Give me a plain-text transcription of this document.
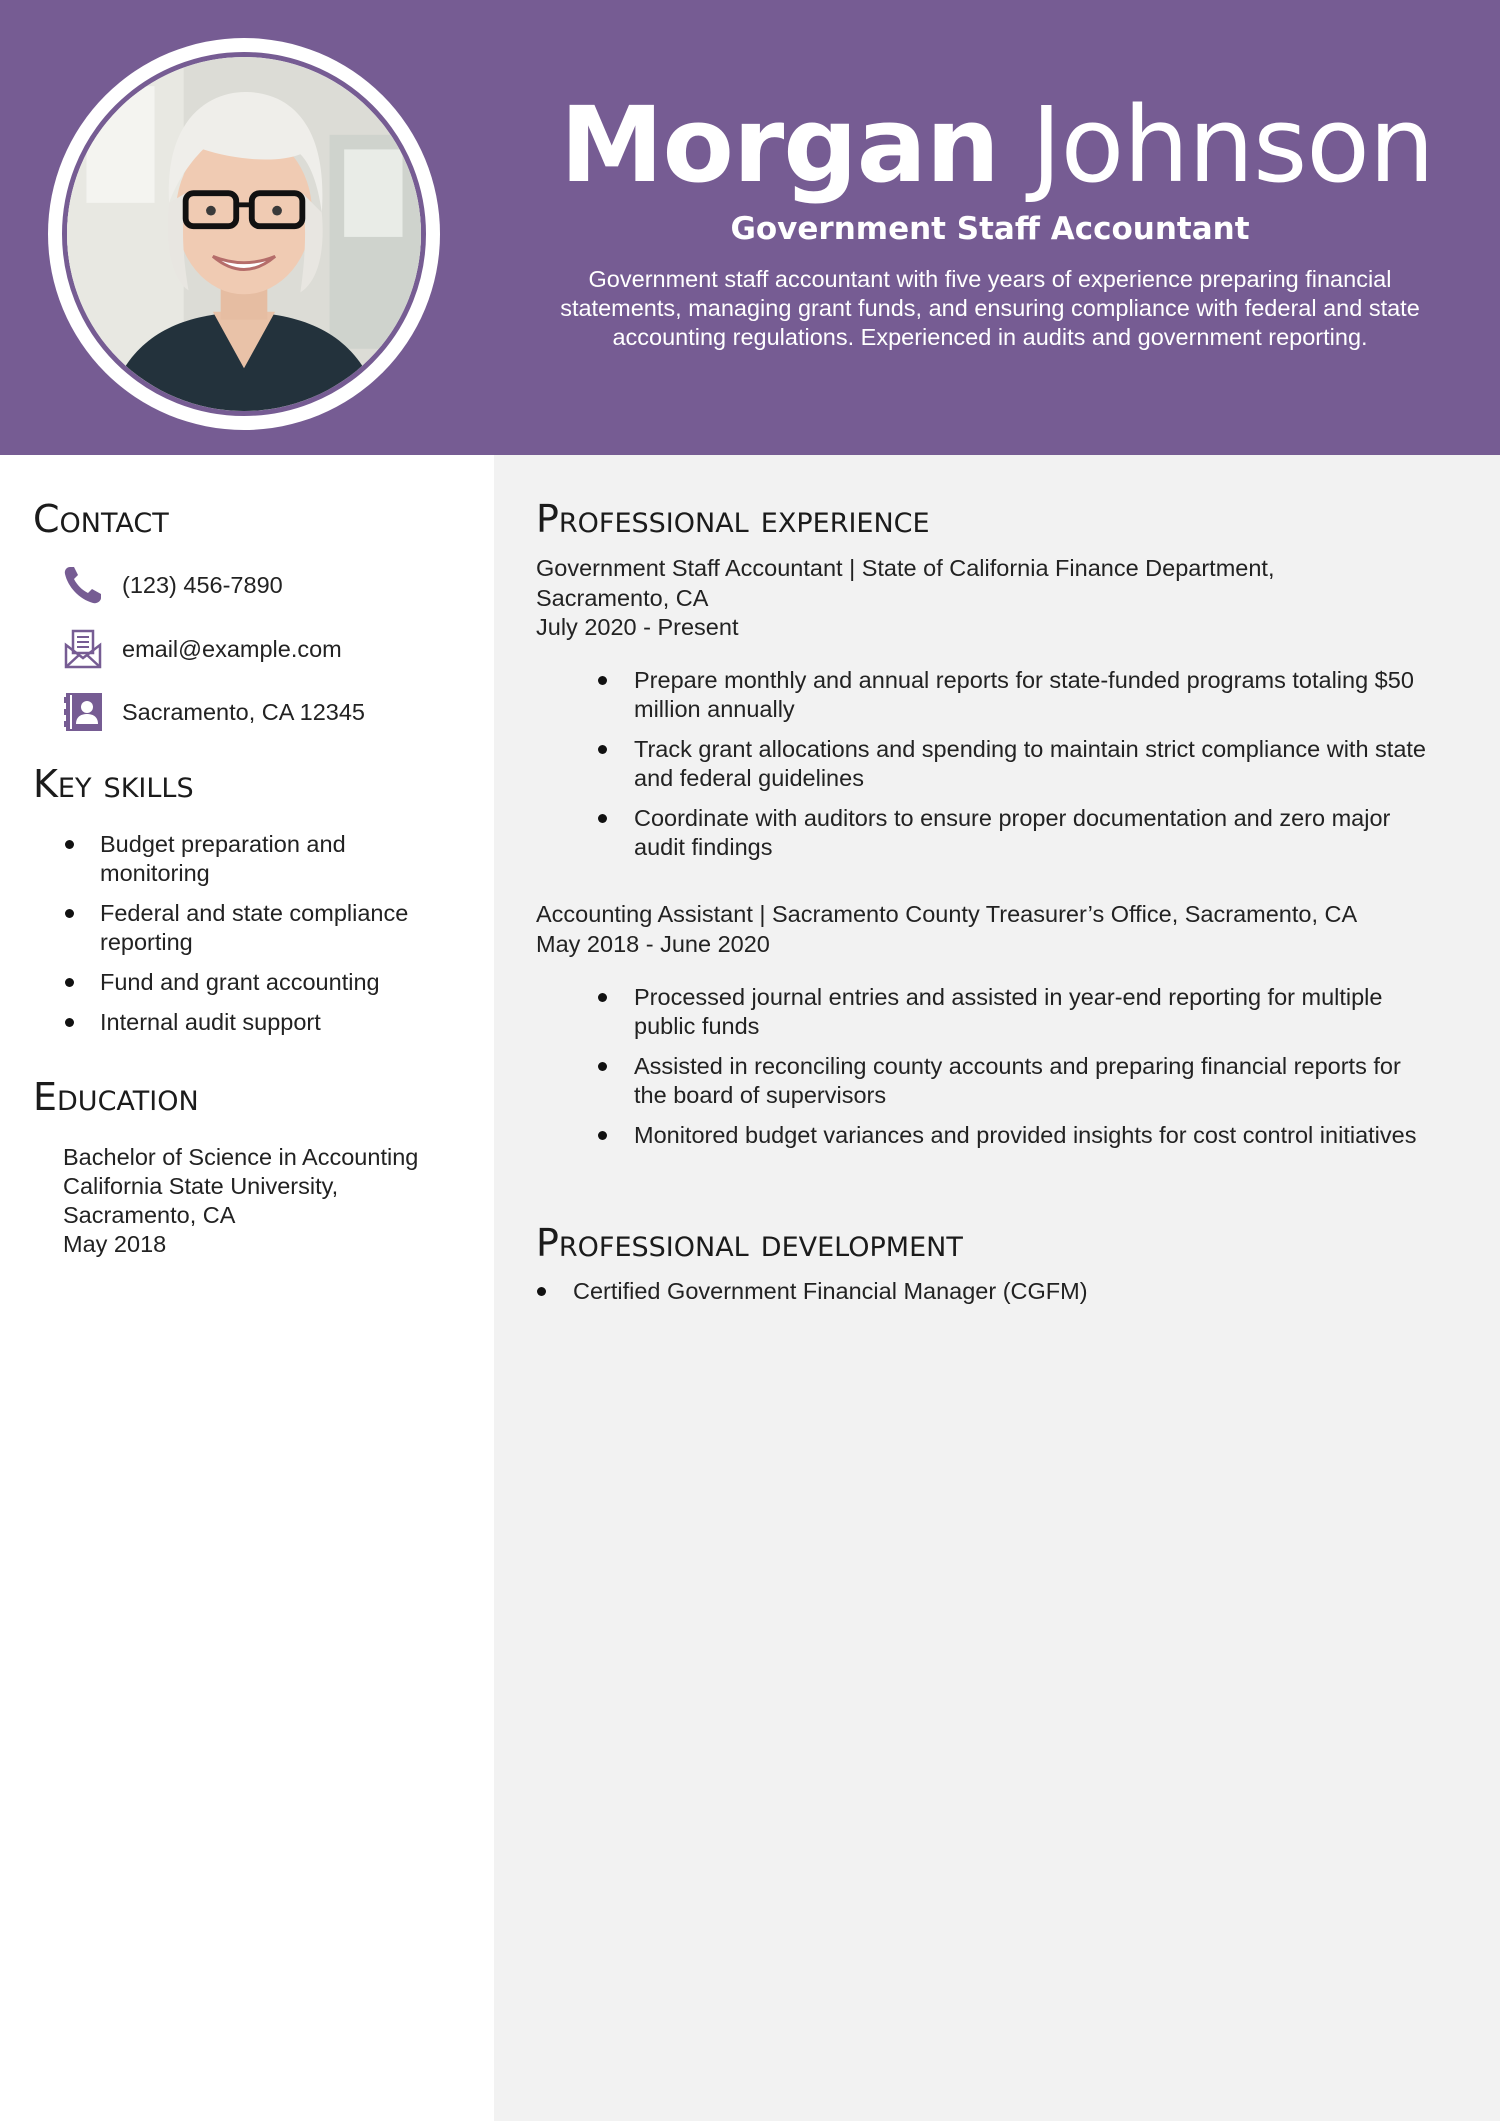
Morgan Johnson
Government Staff Accountant
Government staff accountant with five years of experience preparing financial statements, managing grant funds, and ensuring compliance with federal and state accounting regulations. Experienced in audits and government reporting.
Contact
(123) 456-7890
email@example.com
Sacramento, CA 12345
Key skills
Budget preparation and monitoring
Federal and state compliance reporting
Fund and grant accounting
Internal audit support
Education
Bachelor of Science in Accounting
California State University,
Sacramento, CA
May 2018
Professional experience
Government Staff Accountant | State of California Finance Department, Sacramento, CA
July 2020 - Present
Prepare monthly and annual reports for state-funded programs totaling $50 million annually
Track grant allocations and spending to maintain strict compliance with state and federal guidelines
Coordinate with auditors to ensure proper documentation and zero major audit findings
Accounting Assistant | Sacramento County Treasurer’s Office, Sacramento, CA
May 2018 - June 2020
Processed journal entries and assisted in year-end reporting for multiple public funds
Assisted in reconciling county accounts and preparing financial reports for the board of supervisors
Monitored budget variances and provided insights for cost control initiatives
Professional development
Certified Government Financial Manager (CGFM)
